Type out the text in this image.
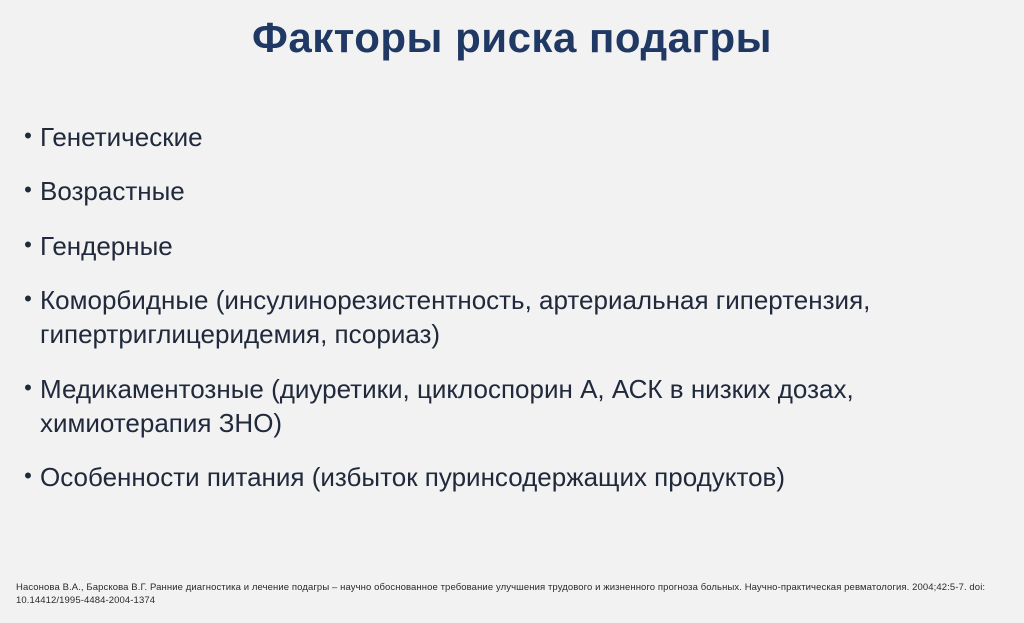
Факторы риска подагры
• Генетические
• Возрастные
• Гендерные
• Коморбидные (инсулинорезистентность, артериальная гипертензия, гипертриглицеридемия, псориаз)
• Медикаментозные (диуретики, циклоспорин А, АСК в низких дозах, химиотерапия ЗНО)
• Особенности питания (избыток пуринсодержащих продуктов)
Насонова В.А., Барскова В.Г. Ранние диагностика и лечение подагры – научно обоснованное требование улучшения трудового и жизненного прогноза больных. Научно-практическая ревматология. 2004;42:5-7. doi: 10.14412/1995-4484-2004-1374
